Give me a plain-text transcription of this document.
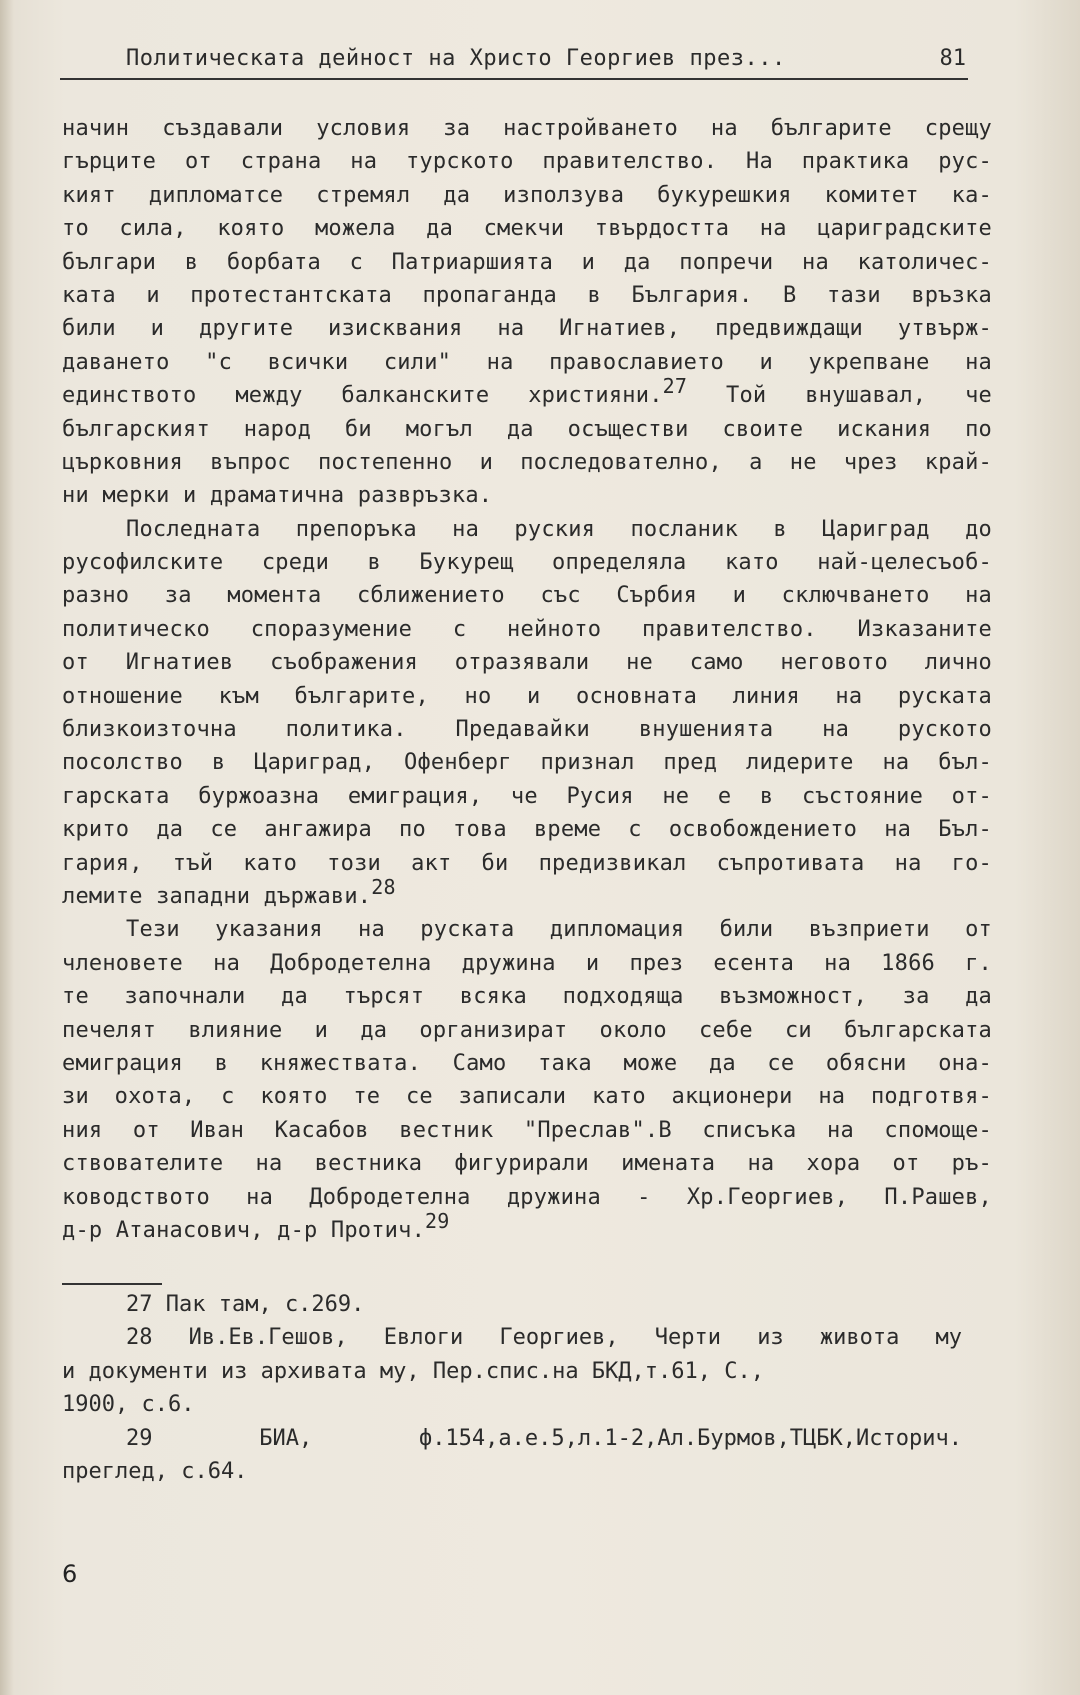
Политическата дейност на Христо Георгиев през...	81
начин създавали условия за настройването на българите срещу
гърците от страна на турското правителство. На практика рус-
кият дипломатсе стремял да използува букурешкия комитет ка-
то сила, която можела да смекчи твърдостта на цариградските
българи в борбата с Патриаршията и да попречи на католичес-
ката и протестантската пропаганда в България. В тази връзка
били и другите изисквания на Игнатиев, предвиждащи утвърж-
даването "с всички сили" на православието и укрепване на
единството между балканските християни.27 Той внушавал, че
българският народ би могъл да осъществи своите искания по
църковния въпрос постепенно и последователно, а не чрез край-
ни мерки и драматична развръзка.
Последната препоръка на руския посланик в Цариград до
русофилските среди в Букурещ определяла като най-целесъоб-
разно за момента сближението със Сърбия и сключването на
политическо споразумение с нейното правителство. Изказаните
от Игнатиев съображения отразявали не само неговото лично
отношение към българите, но и основната линия на руската
близкоизточна политика. Предавайки внушенията на руското
посолство в Цариград, Офенберг признал пред лидерите на бъл-
гарската буржоазна емиграция, че Русия не е в състояние от-
крито да се ангажира по това време с освобождението на Бъл-
гария, тъй като този акт би предизвикал съпротивата на го-
лемите западни държави.28
Тези указания на руската дипломация били възприети от
членовете на Добродетелна дружина и през есента на 1866 г.
те започнали да търсят всяка подходяща възможност, за да
печелят влияние и да организират около себе си българската
емиграция в княжествата. Само така може да се обясни она-
зи охота, с която те се записали като акционери на подготвя-
ния от Иван Касабов вестник "Преслав".В списъка на спомоще-
ствователите на вестника фигурирали имената на хора от ръ-
ководството на Добродетелна дружина - Хр.Георгиев, П.Рашев,
д-р Атанасович, д-р Протич.29
27 Пак там, с.269.
28 Ив.Ев.Гешов, Евлоги Георгиев, Черти из живота му
и документи из архивата му, Пер.спис.на БКД,т.61, С.,
1900, с.6.
29 БИА, ф.154,а.е.5,л.1-2,Ал.Бурмов,ТЦБК,Историч.
преглед, с.64.
6
